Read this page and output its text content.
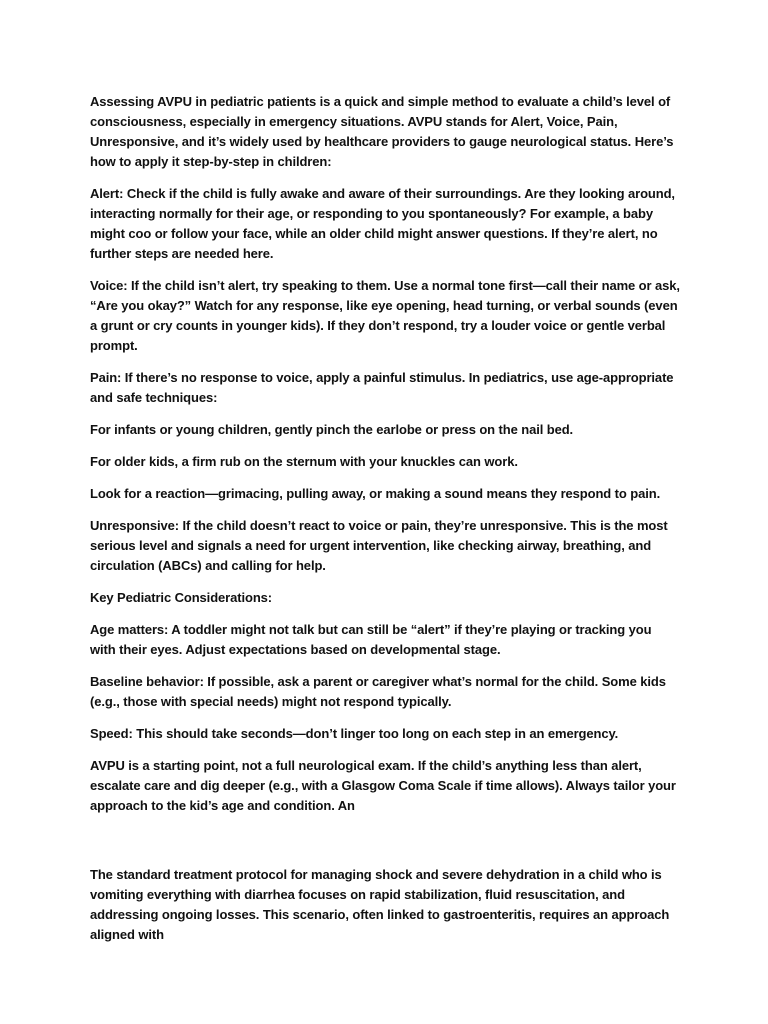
Assessing AVPU in pediatric patients is a quick and simple method to evaluate a child’s level of consciousness, especially in emergency situations. AVPU stands for Alert, Voice, Pain, Unresponsive, and it’s widely used by healthcare providers to gauge neurological status. Here’s how to apply it step-by-step in children:

Alert: Check if the child is fully awake and aware of their surroundings. Are they looking around, interacting normally for their age, or responding to you spontaneously? For example, a baby might coo or follow your face, while an older child might answer questions. If they’re alert, no further steps are needed here.

Voice: If the child isn’t alert, try speaking to them. Use a normal tone first—call their name or ask, “Are you okay?” Watch for any response, like eye opening, head turning, or verbal sounds (even a grunt or cry counts in younger kids). If they don’t respond, try a louder voice or gentle verbal prompt.

Pain: If there’s no response to voice, apply a painful stimulus. In pediatrics, use age-appropriate and safe techniques:

For infants or young children, gently pinch the earlobe or press on the nail bed.

For older kids, a firm rub on the sternum with your knuckles can work.

Look for a reaction—grimacing, pulling away, or making a sound means they respond to pain.

Unresponsive: If the child doesn’t react to voice or pain, they’re unresponsive. This is the most serious level and signals a need for urgent intervention, like checking airway, breathing, and circulation (ABCs) and calling for help.

Key Pediatric Considerations:

Age matters: A toddler might not talk but can still be “alert” if they’re playing or tracking you with their eyes. Adjust expectations based on developmental stage.

Baseline behavior: If possible, ask a parent or caregiver what’s normal for the child. Some kids (e.g., those with special needs) might not respond typically.

Speed: This should take seconds—don’t linger too long on each step in an emergency.

AVPU is a starting point, not a full neurological exam. If the child’s anything less than alert, escalate care and dig deeper (e.g., with a Glasgow Coma Scale if time allows). Always tailor your approach to the kid’s age and condition. An

The standard treatment protocol for managing shock and severe dehydration in a child who is vomiting everything with diarrhea focuses on rapid stabilization, fluid resuscitation, and addressing ongoing losses. This scenario, often linked to gastroenteritis, requires an approach aligned with
